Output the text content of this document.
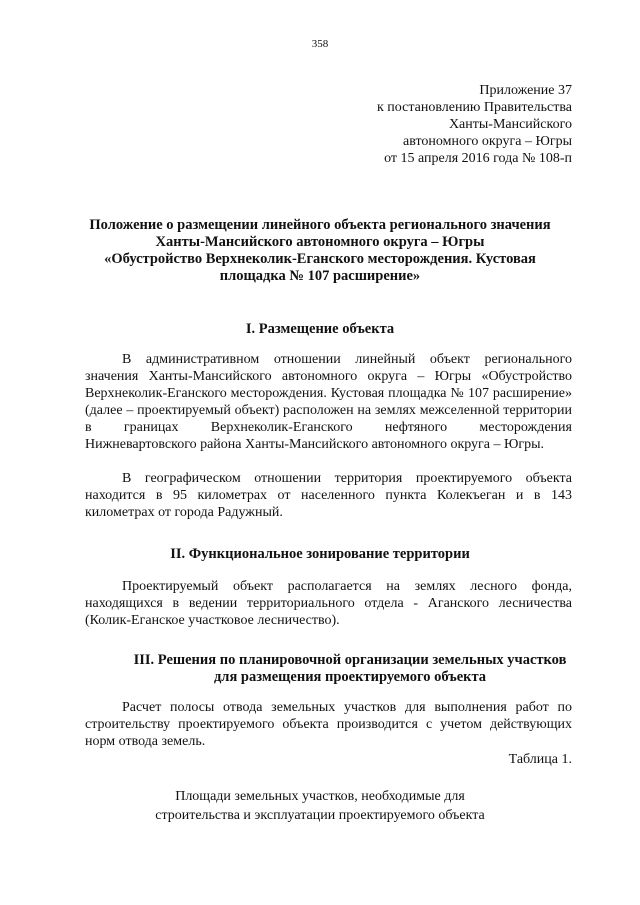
358
Приложение 37
к постановлению Правительства
Ханты-Мансийского
автономного округа – Югры
от 15 апреля 2016 года № 108-п
Положение о размещении линейного объекта регионального значения
Ханты-Мансийского автономного округа – Югры
«Обустройство Верхнеколик-Еганского месторождения. Кустовая
площадка № 107 расширение»
I. Размещение объекта

В административном отношении линейный объект регионального значения Ханты-Мансийского автономного округа – Югры «Обустройство Верхнеколик-Еганского месторождения. Кустовая площадка № 107 расширение» (далее – проектируемый объект) расположен на землях межселенной территории в границах Верхнеколик-Еганского нефтяного месторождения Нижневартовского района Ханты-Мансийского автономного округа – Югры.

В географическом отношении территория проектируемого объекта находится в 95 километрах от населенного пункта Колекъеган и в 143 километрах от города Радужный.

II. Функциональное зонирование территории

Проектируемый объект располагается на землях лесного фонда, находящихся в ведении территориального отдела - Аганского лесничества (Колик-Еганское участковое лесничество).

III. Решения по планировочной организации земельных участков
для размещения проектируемого объекта

Расчет полосы отвода земельных участков для выполнения работ по строительству проектируемого объекта производится с учетом действующих норм отвода земель.

Таблица 1.
Площади земельных участков, необходимые для
строительства и эксплуатации проектируемого объекта
